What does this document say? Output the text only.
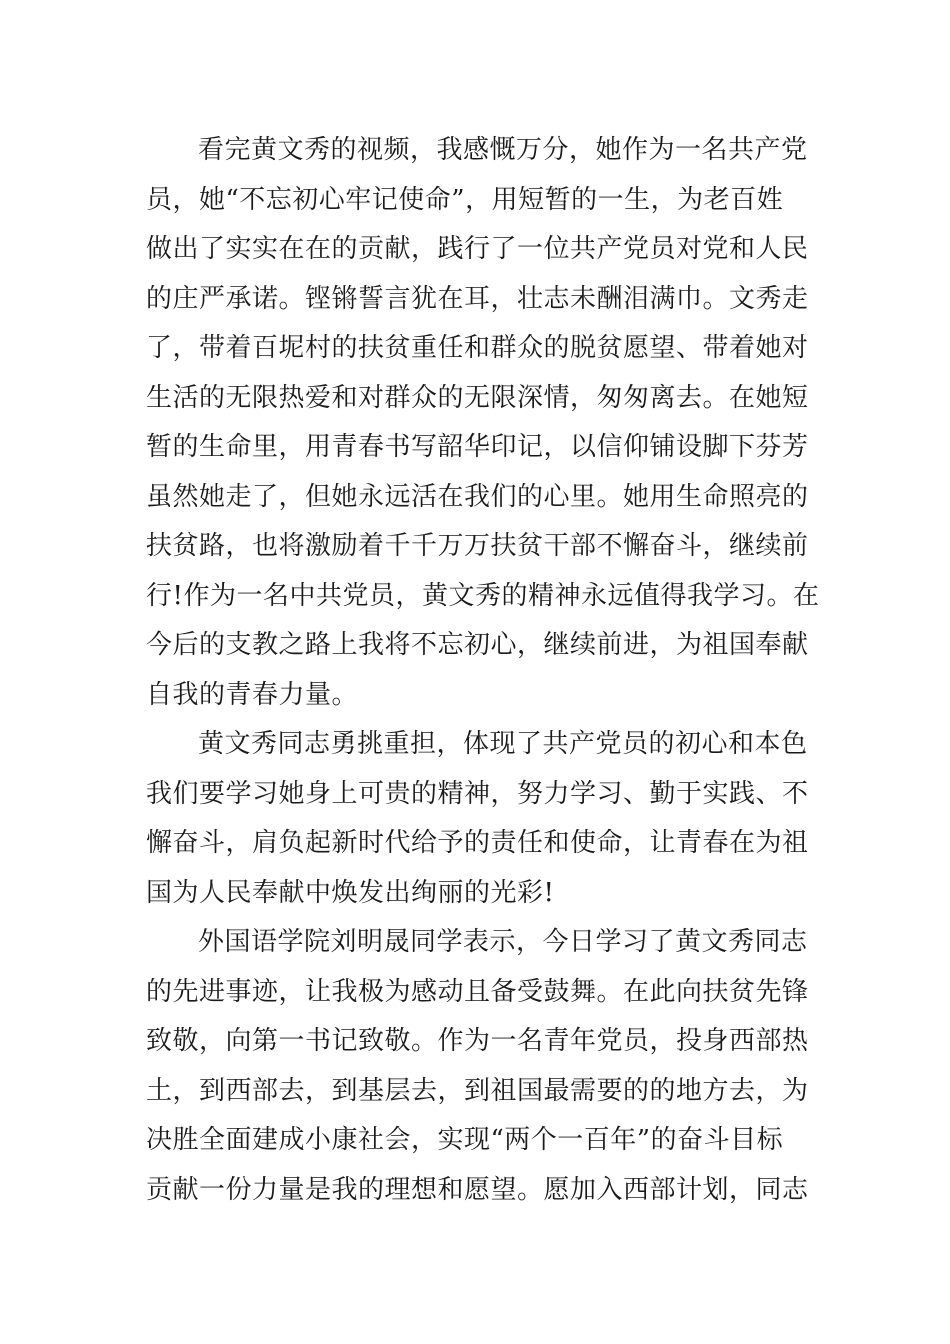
看完黄文秀的视频，我感慨万分，她作为一名共产党
员，她“不忘初心牢记使命”，用短暂的一生，为老百姓
做出了实实在在的贡献，践行了一位共产党员对党和人民
的庄严承诺。铿锵誓言犹在耳，壮志未酬泪满巾。文秀走
了，带着百坭村的扶贫重任和群众的脱贫愿望、带着她对
生活的无限热爱和对群众的无限深情，匆匆离去。在她短
暂的生命里，用青春书写韶华印记，以信仰铺设脚下芬芳
虽然她走了，但她永远活在我们的心里。她用生命照亮的
扶贫路，也将激励着千千万万扶贫干部不懈奋斗，继续前
行!作为一名中共党员，黄文秀的精神永远值得我学习。在
今后的支教之路上我将不忘初心，继续前进，为祖国奉献
自我的青春力量。
黄文秀同志勇挑重担，体现了共产党员的初心和本色
我们要学习她身上可贵的精神，努力学习、勤于实践、不
懈奋斗，肩负起新时代给予的责任和使命，让青春在为祖
国为人民奉献中焕发出绚丽的光彩!
外国语学院刘明晟同学表示，今日学习了黄文秀同志
的先进事迹，让我极为感动且备受鼓舞。在此向扶贫先锋
致敬，向第一书记致敬。作为一名青年党员，投身西部热
土，到西部去，到基层去，到祖国最需要的的地方去，为
决胜全面建成小康社会，实现“两个一百年”的奋斗目标
贡献一份力量是我的理想和愿望。愿加入西部计划，同志
